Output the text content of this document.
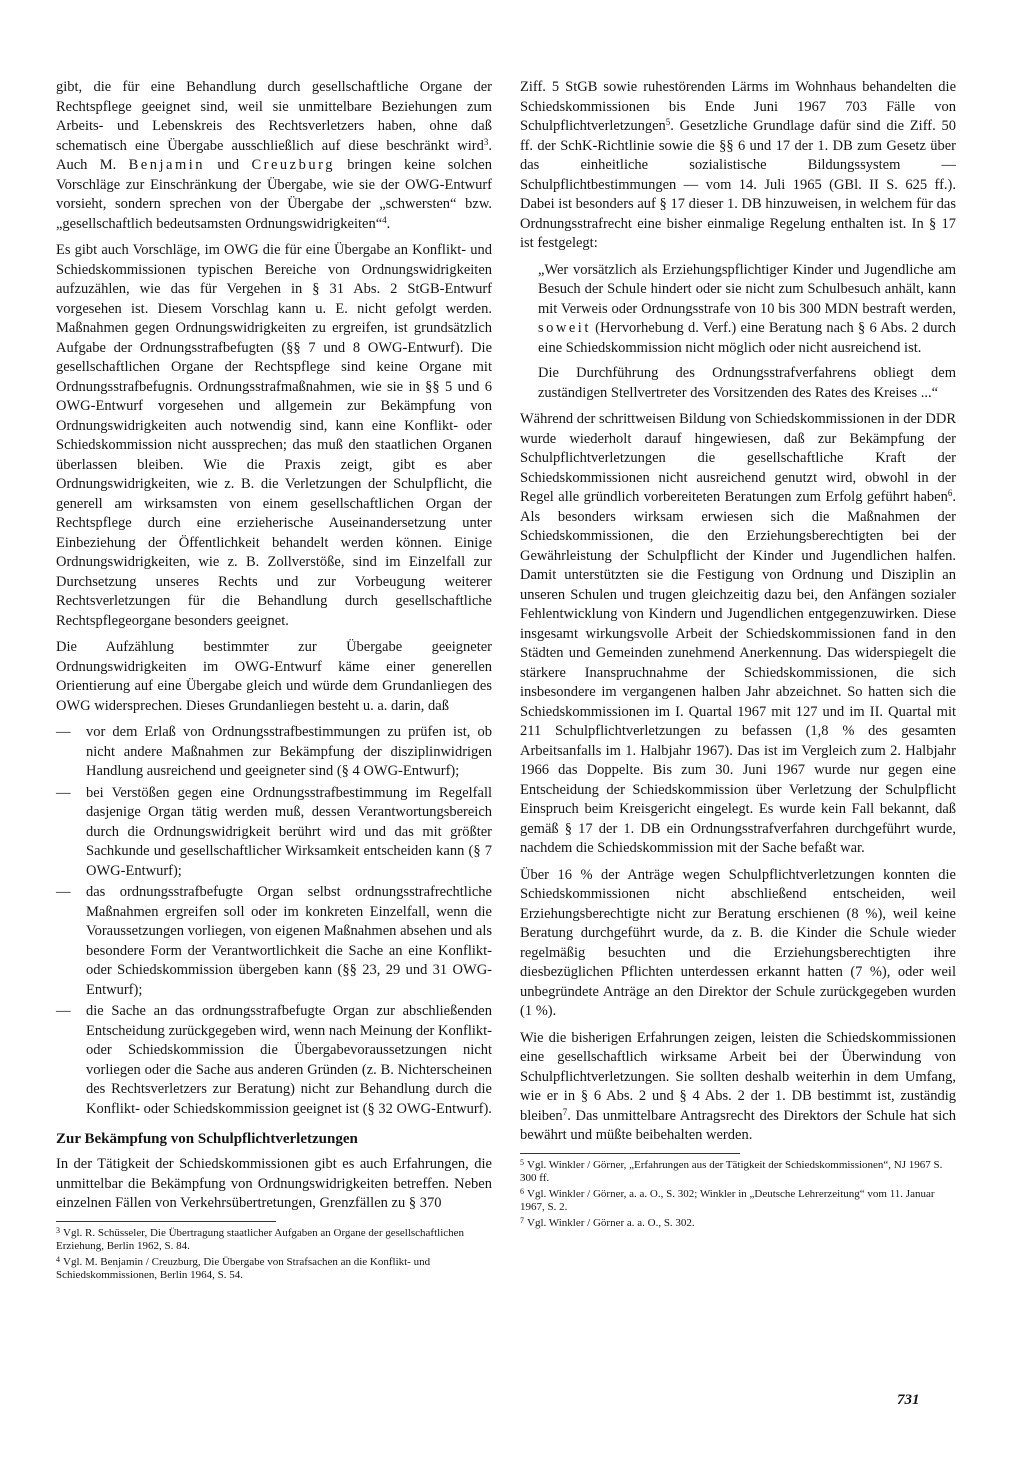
gibt, die für eine Behandlung durch gesellschaftliche Organe der Rechtspflege geeignet sind, weil sie unmittelbare Beziehungen zum Arbeits- und Lebenskreis des Rechtsverletzers haben, ohne daß schematisch eine Übergabe ausschließlich auf diese beschränkt wird$^3$. Auch M. Benjamin und Creuzburg bringen keine solchen Vorschläge zur Einschränkung der Übergabe, wie sie der OWG-Entwurf vorsieht, sondern sprechen von der Übergabe der „schwersten“ bzw. „gesellschaftlich bedeutsamsten Ordnungswidrigkeiten“$^4$.

Es gibt auch Vorschläge, im OWG die für eine Übergabe an Konflikt- und Schiedskommissionen typischen Bereiche von Ordnungswidrigkeiten aufzuzählen, wie das für Vergehen in § 31 Abs. 2 StGB-Entwurf vorgesehen ist. Diesem Vorschlag kann u. E. nicht gefolgt werden. Maßnahmen gegen Ordnungswidrigkeiten zu ergreifen, ist grundsätzlich Aufgabe der Ordnungsstrafbefugten (§§ 7 und 8 OWG-Entwurf). Die gesellschaftlichen Organe der Rechtspflege sind keine Organe mit Ordnungsstrafbefugnis. Ordnungsstrafmaßnahmen, wie sie in §§ 5 und 6 OWG-Entwurf vorgesehen und allgemein zur Bekämpfung von Ordnungswidrigkeiten auch notwendig sind, kann eine Konflikt- oder Schiedskommission nicht aussprechen; das muß den staatlichen Organen überlassen bleiben. Wie die Praxis zeigt, gibt es aber Ordnungswidrigkeiten, wie z. B. die Verletzungen der Schulpflicht, die generell am wirksamsten von einem gesellschaftlichen Organ der Rechtspflege durch eine erzieherische Auseinandersetzung unter Einbeziehung der Öffentlichkeit behandelt werden können. Einige Ordnungswidrigkeiten, wie z. B. Zollverstöße, sind im Einzelfall zur Durchsetzung unseres Rechts und zur Vorbeugung weiterer Rechtsverletzungen für die Behandlung durch gesellschaftliche Rechtspflegeorgane besonders geeignet.

Die Aufzählung bestimmter zur Übergabe geeigneter Ordnungswidrigkeiten im OWG-Entwurf käme einer generellen Orientierung auf eine Übergabe gleich und würde dem Grundanliegen des OWG widersprechen. Dieses Grundanliegen besteht u. a. darin, daß

— vor dem Erlaß von Ordnungsstrafbestimmungen zu prüfen ist, ob nicht andere Maßnahmen zur Bekämpfung der disziplinwidrigen Handlung ausreichend und geeigneter sind (§ 4 OWG-Entwurf);
— bei Verstößen gegen eine Ordnungsstrafbestimmung im Regelfall dasjenige Organ tätig werden muß, dessen Verantwortungsbereich durch die Ordnungswidrigkeit berührt wird und das mit größter Sachkunde und gesellschaftlicher Wirksamkeit entscheiden kann (§ 7 OWG-Entwurf);
— das ordnungsstrafbefugte Organ selbst ordnungsstrafrechtliche Maßnahmen ergreifen soll oder im konkreten Einzelfall, wenn die Voraussetzungen vorliegen, von eigenen Maßnahmen absehen und als besondere Form der Verantwortlichkeit die Sache an eine Konflikt- oder Schiedskommission übergeben kann (§§ 23, 29 und 31 OWG-Entwurf);
— die Sache an das ordnungsstrafbefugte Organ zur abschließenden Entscheidung zurückgegeben wird, wenn nach Meinung der Konflikt- oder Schiedskommission die Übergabevoraussetzungen nicht vorliegen oder die Sache aus anderen Gründen (z. B. Nichterscheinen des Rechtsverletzers zur Beratung) nicht zur Behandlung durch die Konflikt- oder Schiedskommission geeignet ist (§ 32 OWG-Entwurf).
Zur Bekämpfung von Schulpflichtverletzungen

In der Tätigkeit der Schiedskommissionen gibt es auch Erfahrungen, die unmittelbar die Bekämpfung von Ordnungswidrigkeiten betreffen. Neben einzelnen Fällen von Verkehrsübertretungen, Grenzfällen zu § 370

$^3$ Vgl. R. Schüsseler, Die Übertragung staatlicher Aufgaben an Organe der gesellschaftlichen Erziehung, Berlin 1962, S. 84.

$^4$ Vgl. M. Benjamin / Creuzburg, Die Übergabe von Strafsachen an die Konflikt- und Schiedskommissionen, Berlin 1964, S. 54.

Ziff. 5 StGB sowie ruhestörenden Lärms im Wohnhaus behandelten die Schiedskommissionen bis Ende Juni 1967 703 Fälle von Schulpflichtverletzungen$^5$. Gesetzliche Grundlage dafür sind die Ziff. 50 ff. der SchK-Richtlinie sowie die §§ 6 und 17 der 1. DB zum Gesetz über das einheitliche sozialistische Bildungssystem — Schulpflichtbestimmungen — vom 14. Juli 1965 (GBl. II S. 625 ff.). Dabei ist besonders auf § 17 dieser 1. DB hinzuweisen, in welchem für das Ordnungsstrafrecht eine bisher einmalige Regelung enthalten ist. In § 17 ist festgelegt:

„Wer vorsätzlich als Erziehungspflichtiger Kinder und Jugendliche am Besuch der Schule hindert oder sie nicht zum Schulbesuch anhält, kann mit Verweis oder Ordnungsstrafe von 10 bis 300 MDN bestraft werden, soweit (Hervorhebung d. Verf.) eine Beratung nach § 6 Abs. 2 durch eine Schiedskommission nicht möglich oder nicht ausreichend ist.

Die Durchführung des Ordnungsstrafverfahrens obliegt dem zuständigen Stellvertreter des Vorsitzenden des Rates des Kreises ...“

Während der schrittweisen Bildung von Schiedskommissionen in der DDR wurde wiederholt darauf hingewiesen, daß zur Bekämpfung der Schulpflichtverletzungen die gesellschaftliche Kraft der Schiedskommissionen nicht ausreichend genutzt wird, obwohl in der Regel alle gründlich vorbereiteten Beratungen zum Erfolg geführt haben$^6$. Als besonders wirksam erwiesen sich die Maßnahmen der Schiedskommissionen, die den Erziehungsberechtigten bei der Gewährleistung der Schulpflicht der Kinder und Jugendlichen halfen. Damit unterstützten sie die Festigung von Ordnung und Disziplin an unseren Schulen und trugen gleichzeitig dazu bei, den Anfängen sozialer Fehlentwicklung von Kindern und Jugendlichen entgegenzuwirken. Diese insgesamt wirkungsvolle Arbeit der Schiedskommissionen fand in den Städten und Gemeinden zunehmend Anerkennung. Das widerspiegelt die stärkere Inanspruchnahme der Schiedskommissionen, die sich insbesondere im vergangenen halben Jahr abzeichnet. So hatten sich die Schiedskommissionen im I. Quartal 1967 mit 127 und im II. Quartal mit 211 Schulpflichtverletzungen zu befassen (1,8 % des gesamten Arbeitsanfalls im 1. Halbjahr 1967). Das ist im Vergleich zum 2. Halbjahr 1966 das Doppelte. Bis zum 30. Juni 1967 wurde nur gegen eine Entscheidung der Schiedskommission über Verletzung der Schulpflicht Einspruch beim Kreisgericht eingelegt. Es wurde kein Fall bekannt, daß gemäß § 17 der 1. DB ein Ordnungsstrafverfahren durchgeführt wurde, nachdem die Schiedskommission mit der Sache befaßt war.

Über 16 % der Anträge wegen Schulpflichtverletzungen konnten die Schiedskommissionen nicht abschließend entscheiden, weil Erziehungsberechtigte nicht zur Beratung erschienen (8 %), weil keine Beratung durchgeführt wurde, da z. B. die Kinder die Schule wieder regelmäßig besuchten und die Erziehungsberechtigten ihre diesbezüglichen Pflichten unterdessen erkannt hatten (7 %), oder weil unbegründete Anträge an den Direktor der Schule zurückgegeben wurden (1 %).

Wie die bisherigen Erfahrungen zeigen, leisten die Schiedskommissionen eine gesellschaftlich wirksame Arbeit bei der Überwindung von Schulpflichtverletzungen. Sie sollten deshalb weiterhin in dem Umfang, wie er in § 6 Abs. 2 und § 4 Abs. 2 der 1. DB bestimmt ist, zuständig bleiben$^7$. Das unmittelbare Antragsrecht des Direktors der Schule hat sich bewährt und müßte beibehalten werden.

$^5$ Vgl. Winkler / Görner, „Erfahrungen aus der Tätigkeit der Schiedskommissionen“, NJ 1967 S. 300 ff.

$^6$ Vgl. Winkler / Görner, a. a. O., S. 302; Winkler in „Deutsche Lehrerzeitung“ vom 11. Januar 1967, S. 2.

$^7$ Vgl. Winkler / Görner a. a. O., S. 302.

731
